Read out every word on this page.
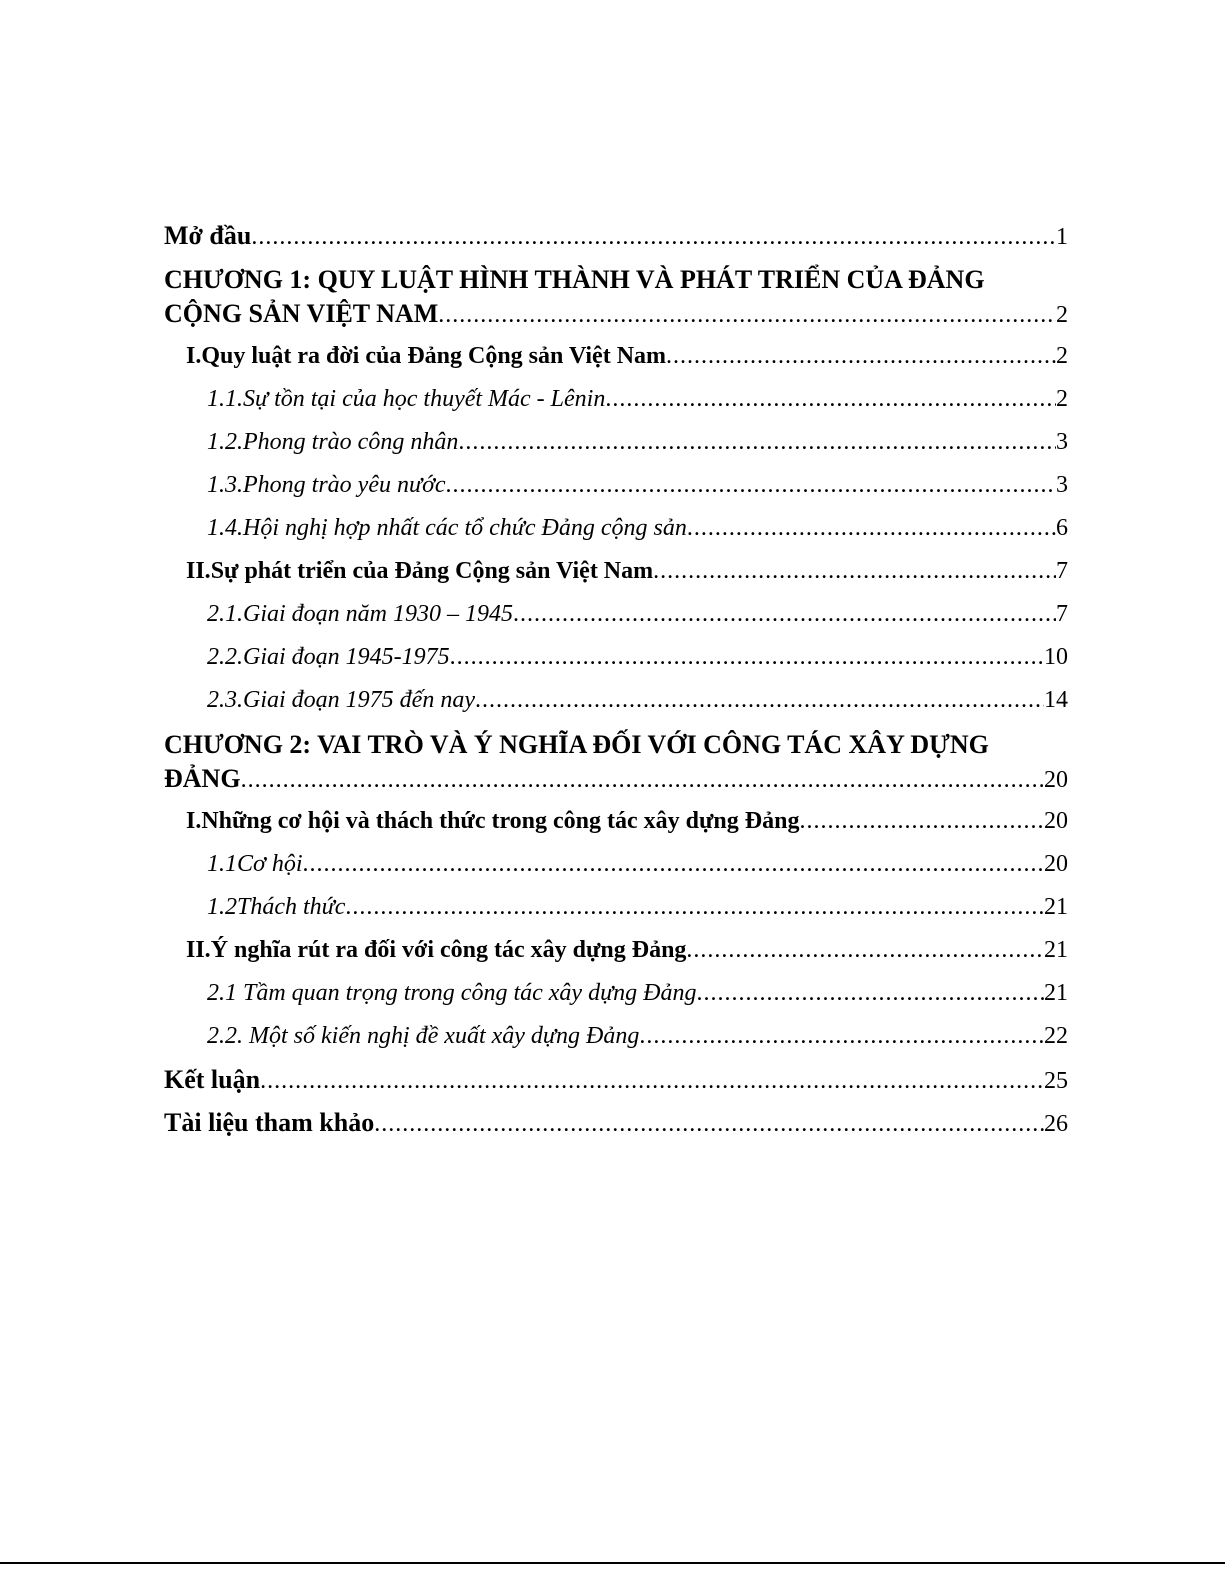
Mở đầu .....	1
CHƯƠNG 1: QUY LUẬT HÌNH THÀNH VÀ PHÁT TRIỂN CỦA ĐẢNG
CỘNG SẢN VIỆT NAM .....	2
I. Quy luật ra đời của Đảng Cộng sản Việt Nam .....	2
1.1. Sự tồn tại của học thuyết Mác - Lênin .....	2
1.2. Phong trào công nhân .....	3
1.3. Phong trào yêu nước .....	3
1.4. Hội nghị hợp nhất các tổ chức Đảng cộng sản .....	6
II. Sự phát triển của Đảng Cộng sản Việt Nam .....	7
2.1. Giai đoạn năm 1930 – 1945 .....	7
2.2. Giai đoạn 1945-1975 .....	10
2.3. Giai đoạn 1975 đến nay .....	14
CHƯƠNG 2: VAI TRÒ VÀ Ý NGHĨA ĐỐI VỚI CÔNG TÁC XÂY DỰNG
ĐẢNG .....	20
I. Những cơ hội và thách thức trong công tác xây dựng Đảng .....	20
1.1 Cơ hội .....	20
1.2 Thách thức .....	21
II. Ý nghĩa rút ra đối với công tác xây dựng Đảng .....	21
2.1 Tầm quan trọng trong công tác xây dựng Đảng .....	21
2.2. Một số kiến nghị đề xuất xây dựng Đảng .....	22
Kết luận .....	25
Tài liệu tham khảo .....	26
